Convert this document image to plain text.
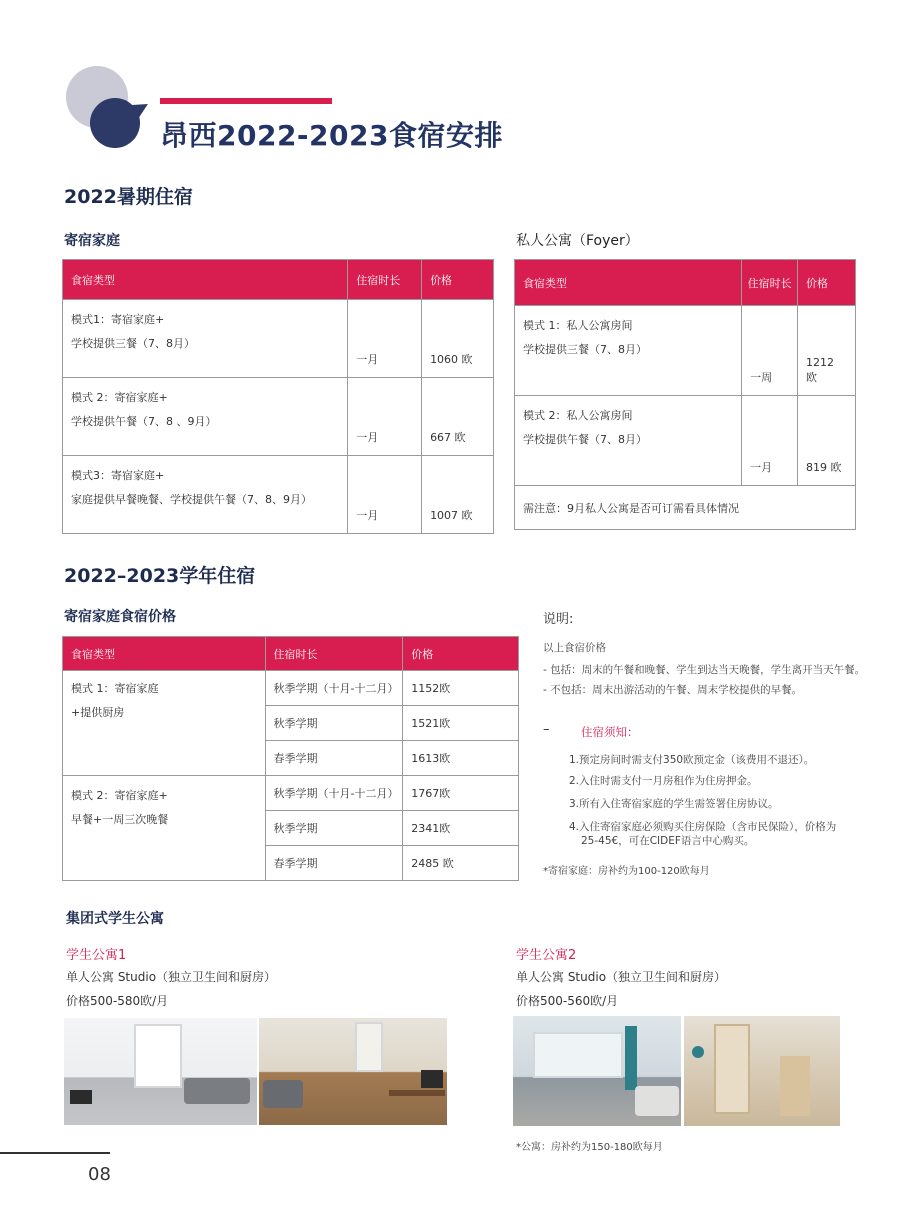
昂西2022-2023食宿安排
2022暑期住宿
寄宿家庭	私人公寓（Foyer）
食宿类型	住宿时长	价格

模式1：寄宿家庭+
学校提供三餐（7、8月）	一月	1060 欧

模式 2：寄宿家庭+
学校提供午餐（7、8 、9月）	一月	667 欧

模式3：寄宿家庭+
家庭提供早餐晚餐、学校提供午餐（7、8、9月）	一月	1007 欧
食宿类型	住宿时长	价格

模式 1：私人公寓房间
学校提供三餐（7、8月）	一周	1212 欧

模式 2：私人公寓房间
学校提供午餐（7、8月）	一月	819 欧
需注意：9月私人公寓是否可订需看具体情况		
2022–2023学年住宿
寄宿家庭食宿价格
食宿类型	住宿时长	价格

模式 1：寄宿家庭
+提供厨房	秋季学期（十月-十二月）	1152欧
	秋季学期	1521欧
	春季学期	1613欧

模式 2：寄宿家庭+
早餐+一周三次晚餐	秋季学期（十月-十二月）	1767欧
	秋季学期	2341欧
	春季学期	2485 欧
说明:
以上食宿价格
- 包括：周末的午餐和晚餐、学生到达当天晚餐，学生离开当天午餐。
- 不包括：周末出游活动的午餐、周末学校提供的早餐。
–	住宿须知：
1.预定房间时需支付350欧预定金（该费用不退还）。
2.入住时需支付一月房租作为住房押金。
3.所有入住寄宿家庭的学生需签署住房协议。
4.入住寄宿家庭必须购买住房保险（含市民保险），价格为
25-45€，可在CIDEF语言中心购买。
*寄宿家庭：房补约为100-120欧每月
集团式学生公寓
学生公寓1
单人公寓 Studio（独立卫生间和厨房）
价格500-580欧/月
学生公寓2
单人公寓 Studio（独立卫生间和厨房）
价格500-560欧/月
*公寓：房补约为150-180欧每月
08
